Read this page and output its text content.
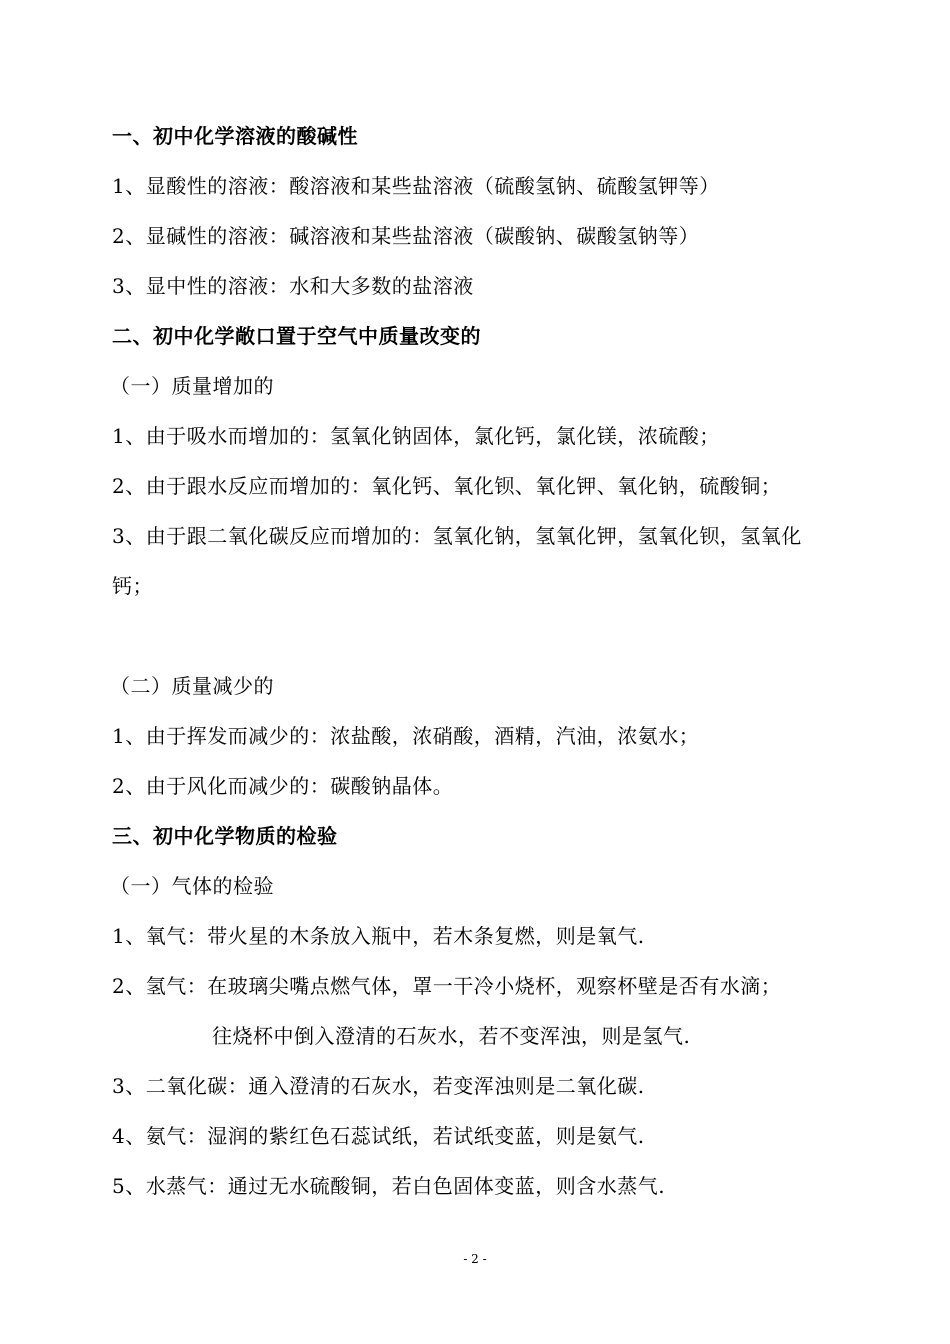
一、初中化学溶液的酸碱性
1、显酸性的溶液：酸溶液和某些盐溶液（硫酸氢钠、硫酸氢钾等）
2、显碱性的溶液：碱溶液和某些盐溶液（碳酸钠、碳酸氢钠等）
3、显中性的溶液：水和大多数的盐溶液
二、初中化学敞口置于空气中质量改变的
（一）质量增加的
1、由于吸水而增加的：氢氧化钠固体，氯化钙，氯化镁，浓硫酸；
2、由于跟水反应而增加的：氧化钙、氧化钡、氧化钾、氧化钠，硫酸铜；
3、由于跟二氧化碳反应而增加的：氢氧化钠，氢氧化钾，氢氧化钡，氢氧化
钙；
（二）质量减少的
1、由于挥发而减少的：浓盐酸，浓硝酸，酒精，汽油，浓氨水；
2、由于风化而减少的：碳酸钠晶体。
三、初中化学物质的检验
（一）气体的检验
1、氧气：带火星的木条放入瓶中，若木条复燃，则是氧气.
2、氢气：在玻璃尖嘴点燃气体，罩一干冷小烧杯，观察杯壁是否有水滴；
往烧杯中倒入澄清的石灰水，若不变浑浊，则是氢气.
3、二氧化碳：通入澄清的石灰水，若变浑浊则是二氧化碳.
4、氨气：湿润的紫红色石蕊试纸，若试纸变蓝，则是氨气.
5、水蒸气：通过无水硫酸铜，若白色固体变蓝，则含水蒸气.
- 2 -
